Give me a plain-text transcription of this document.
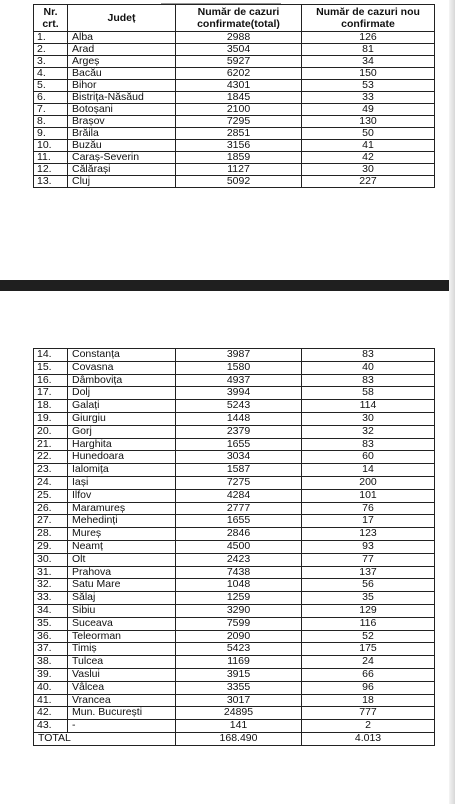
Nr. crt.	Județ	Număr de cazuri confirmate(total)	Număr de cazuri nou confirmate
1.	Alba	2988	126
2.	Arad	3504	81
3.	Argeș	5927	34
4.	Bacău	6202	150
5.	Bihor	4301	53
6.	Bistrița-Năsăud	1845	33
7.	Botoșani	2100	49
8.	Brașov	7295	130
9.	Brăila	2851	50
10.	Buzău	3156	41
11.	Caraș-Severin	1859	42
12.	Călărași	1127	30
13.	Cluj	5092	227
14.	Constanța	3987	83
15.	Covasna	1580	40
16.	Dâmbovița	4937	83
17.	Dolj	3994	58
18.	Galați	5243	114
19.	Giurgiu	1448	30
20.	Gorj	2379	32
21.	Harghita	1655	83
22.	Hunedoara	3034	60
23.	Ialomița	1587	14
24.	Iași	7275	200
25.	Ilfov	4284	101
26.	Maramureș	2777	76
27.	Mehedinți	1655	17
28.	Mureș	2846	123
29.	Neamț	4500	93
30.	Olt	2423	77
31.	Prahova	7438	137
32.	Satu Mare	1048	56
33.	Sălaj	1259	35
34.	Sibiu	3290	129
35.	Suceava	7599	116
36.	Teleorman	2090	52
37.	Timiș	5423	175
38.	Tulcea	1169	24
39.	Vaslui	3915	66
40.	Vâlcea	3355	96
41.	Vrancea	3017	18
42.	Mun. București	24895	777
43.	-	141	2
TOTAL		168.490	4.013
